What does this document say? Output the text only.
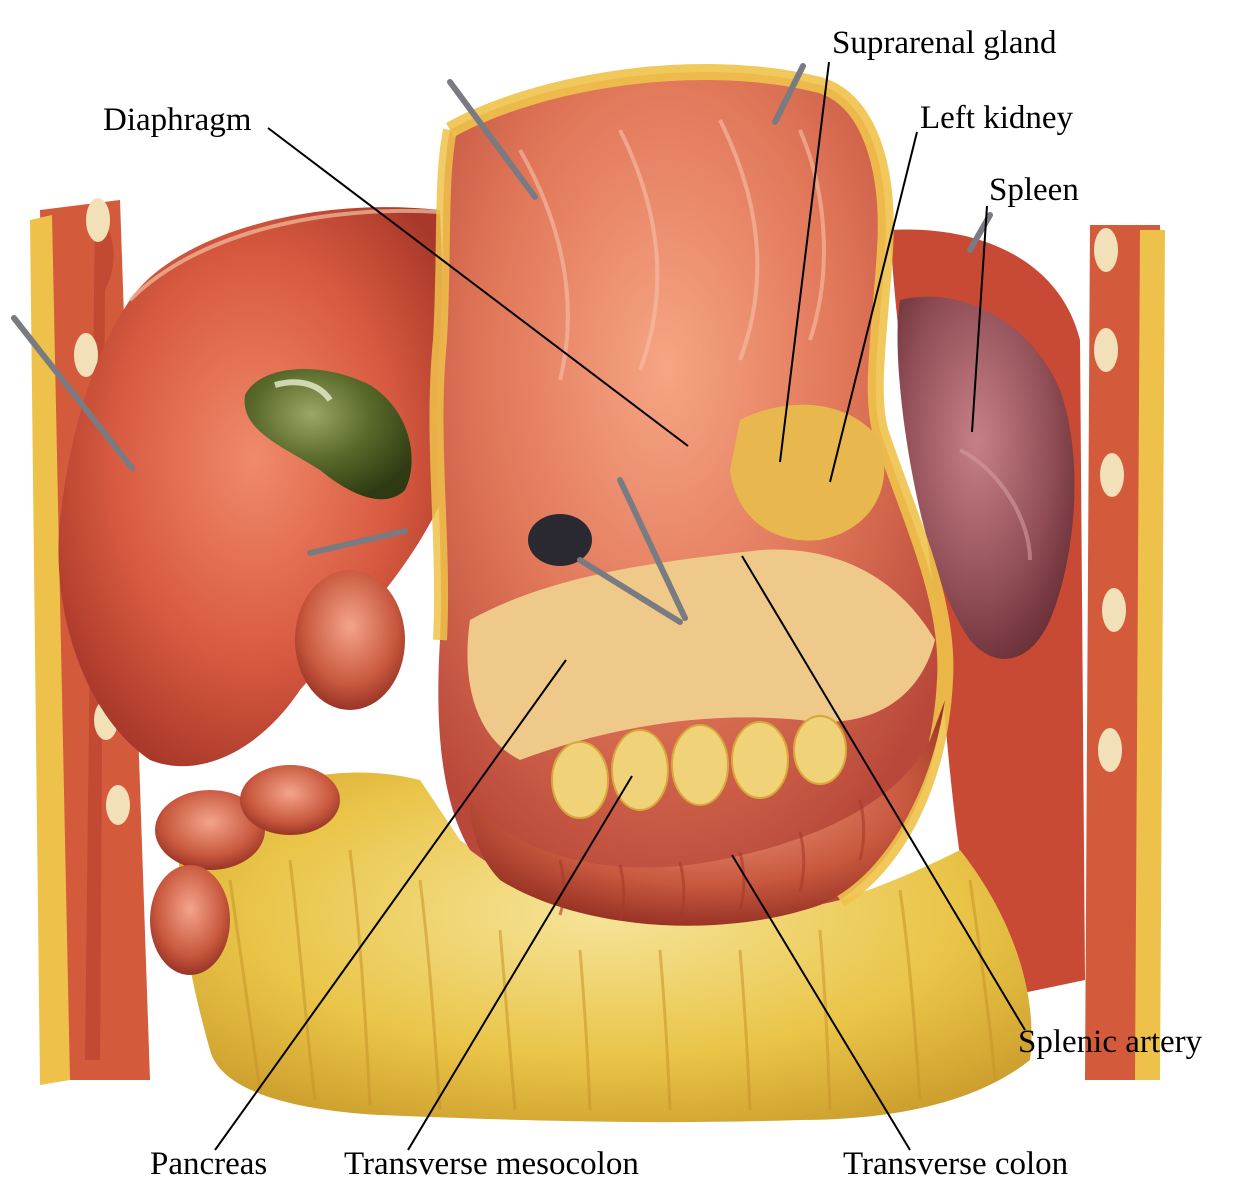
Diaphragm
Suprarenal gland
Left kidney
Spleen
Splenic artery
Pancreas Transverse mesocolon	Transverse colon
